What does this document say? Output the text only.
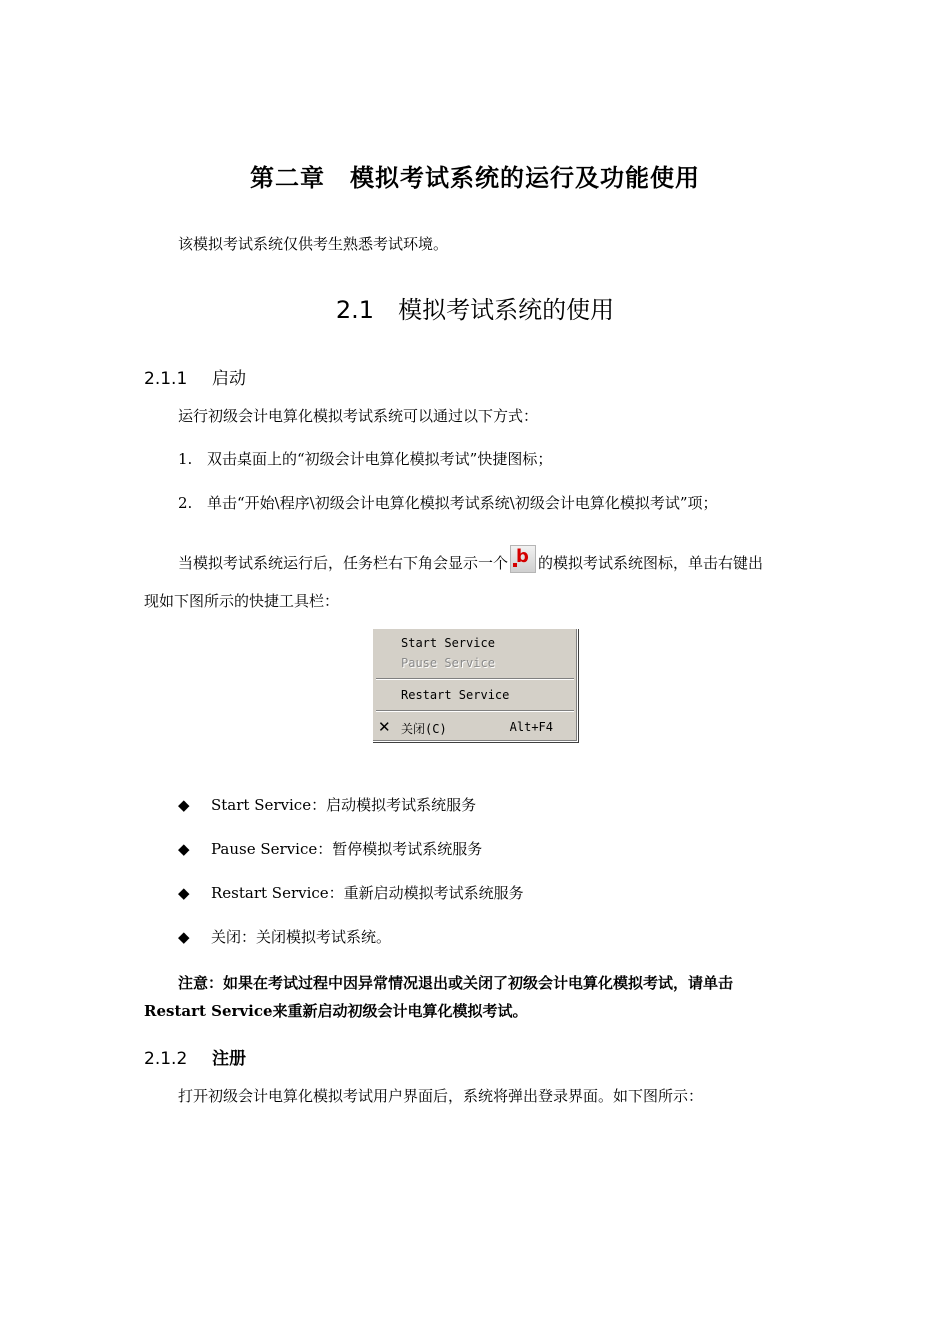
第二章　模拟考试系统的运行及功能使用
该模拟考试系统仅供考生熟悉考试环境。
2.1　模拟考试系统的使用
2.1.1 启动
运行初级会计电算化模拟考试系统可以通过以下方式：
1. 双击桌面上的“初级会计电算化模拟考试”快捷图标；
2. 单击“开始\程序\初级会计电算化模拟考试系统\初级会计电算化模拟考试”项；
当模拟考试系统运行后，任务栏右下角会显示一个 b 的模拟考试系统图标，单击右键出
现如下图所示的快捷工具栏：
Start Service
Pause Service
Restart Service
✕ 关闭(C)	Alt+F4
◆	Start Service：启动模拟考试系统服务
◆	Pause Service：暂停模拟考试系统服务
◆	Restart Service：重新启动模拟考试系统服务
◆	关闭：关闭模拟考试系统。
注意：如果在考试过程中因异常情况退出或关闭了初级会计电算化模拟考试，请单击
Restart Service来重新启动初级会计电算化模拟考试。
2.1.2 注册
打开初级会计电算化模拟考试用户界面后，系统将弹出登录界面。如下图所示：
